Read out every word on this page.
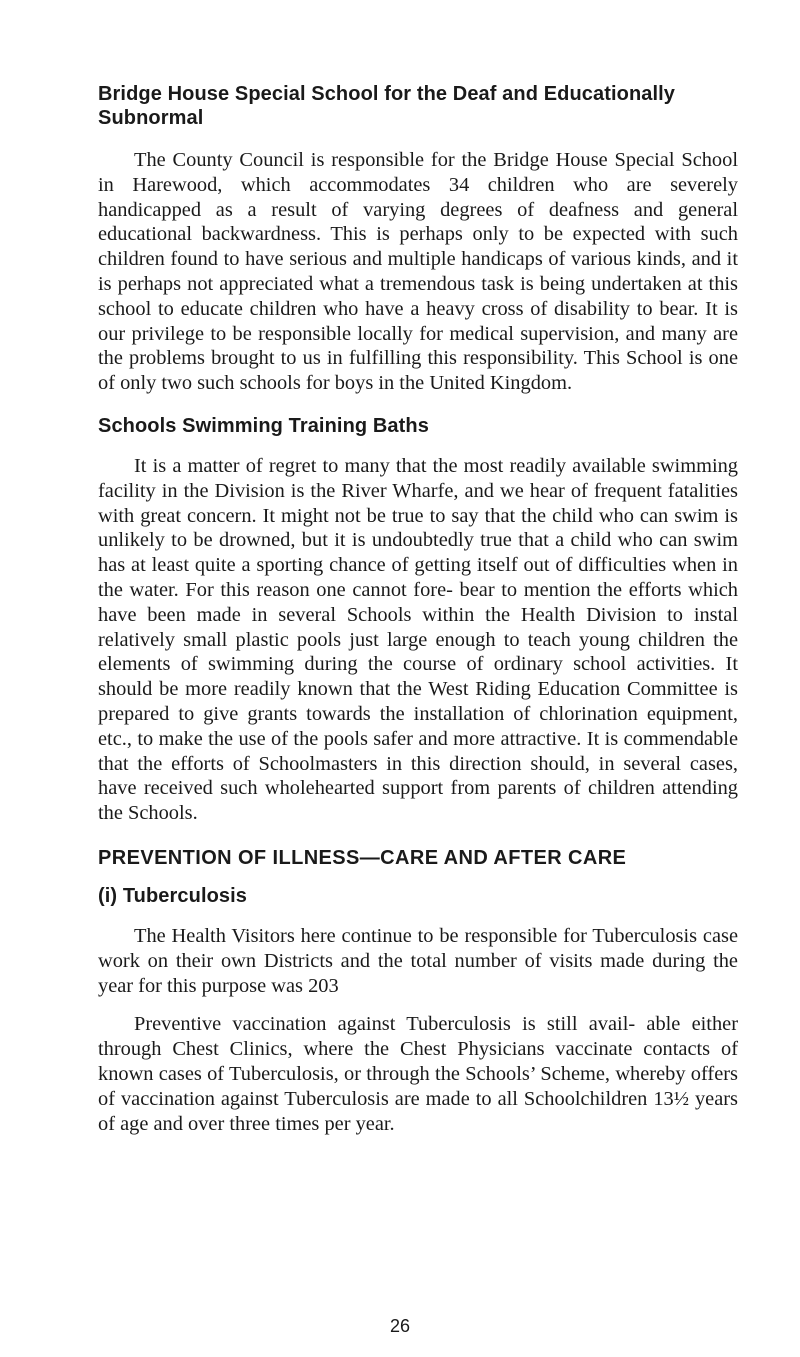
Bridge House Special School for the Deaf and Educationally Subnormal

The County Council is responsible for the Bridge House Special School in Harewood, which accommodates 34 children who are severely handicapped as a result of varying degrees of deafness and general educational backwardness. This is perhaps only to be expected with such children found to have serious and multiple handicaps of various kinds, and it is perhaps not appreciated what a tremendous task is being undertaken at this school to educate children who have a heavy cross of disability to bear. It is our privilege to be responsible locally for medical supervision, and many are the problems brought to us in fulfilling this responsibility. This School is one of only two such schools for boys in the United Kingdom.

Schools Swimming Training Baths

It is a matter of regret to many that the most readily available swimming facility in the Division is the River Wharfe, and we hear of frequent fatalities with great concern. It might not be true to say that the child who can swim is unlikely to be drowned, but it is undoubtedly true that a child who can swim has at least quite a sporting chance of getting itself out of difficulties when in the water. For this reason one cannot fore- bear to mention the efforts which have been made in several Schools within the Health Division to instal relatively small plastic pools just large enough to teach young children the elements of swimming during the course of ordinary school activities. It should be more readily known that the West Riding Education Committee is prepared to give grants towards the installation of chlorination equipment, etc., to make the use of the pools safer and more attractive. It is commendable that the efforts of Schoolmasters in this direction should, in several cases, have received such wholehearted support from parents of children attending the Schools.

PREVENTION OF ILLNESS—CARE AND AFTER CARE
(i) Tuberculosis

The Health Visitors here continue to be responsible for Tuberculosis case work on their own Districts and the total number of visits made during the year for this purpose was 203

Preventive vaccination against Tuberculosis is still avail- able either through Chest Clinics, where the Chest Physicians vaccinate contacts of known cases of Tuberculosis, or through the Schools’ Scheme, whereby offers of vaccination against Tuberculosis are made to all Schoolchildren 13½ years of age and over three times per year.

26
